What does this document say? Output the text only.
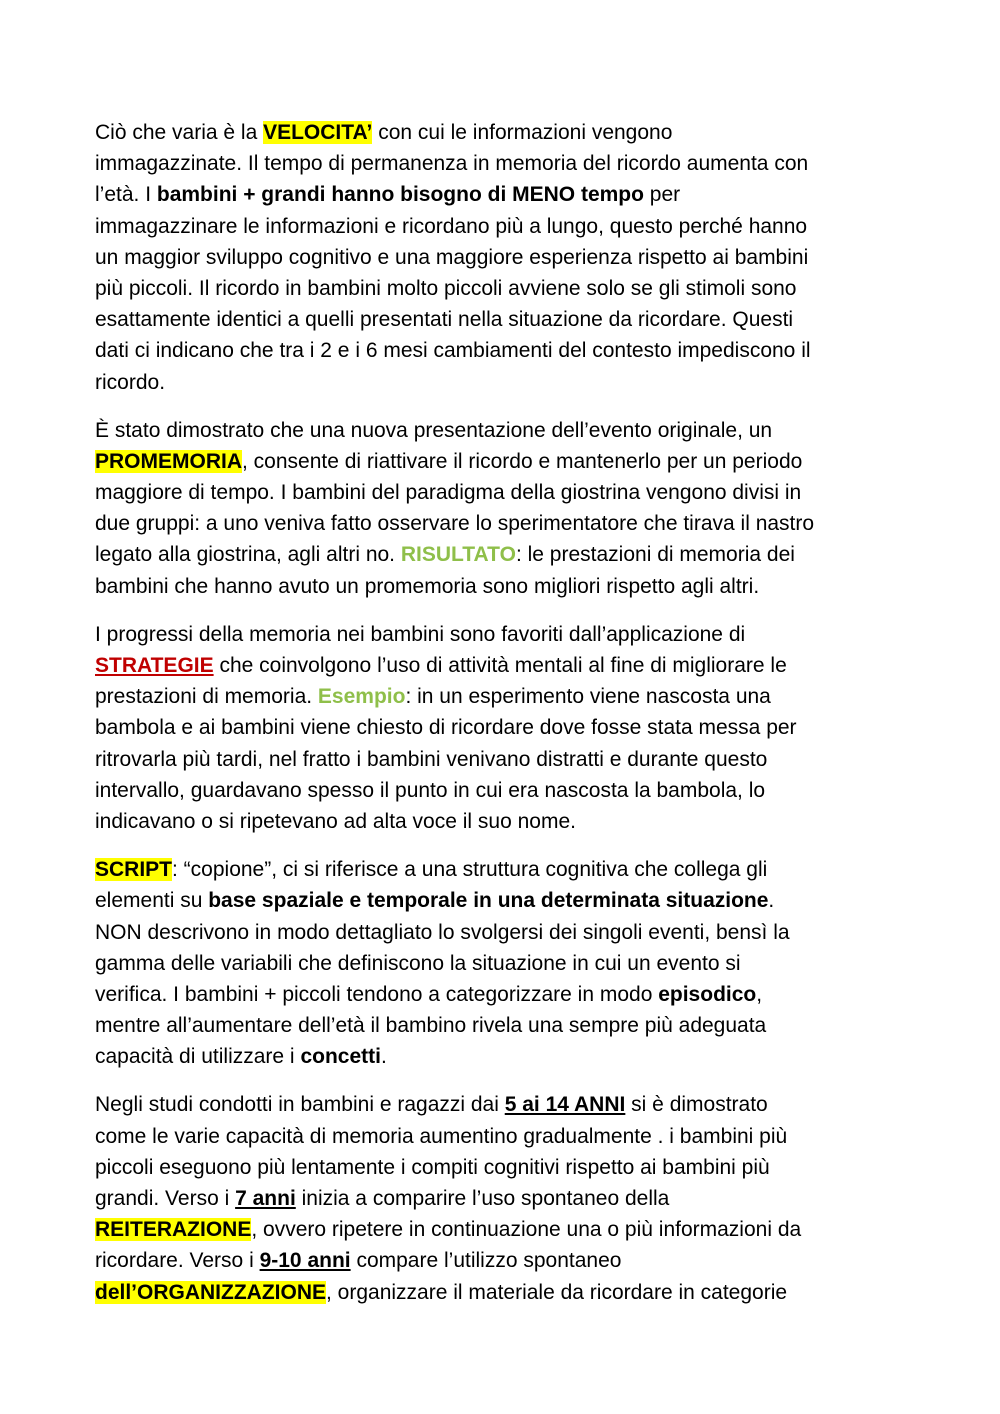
Ciò che varia è la VELOCITA’ con cui le informazioni vengono
immagazzinate. Il tempo di permanenza in memoria del ricordo aumenta con
l’età. I bambini + grandi hanno bisogno di MENO tempo per
immagazzinare le informazioni e ricordano più a lungo, questo perché hanno
un maggior sviluppo cognitivo e una maggiore esperienza rispetto ai bambini
più piccoli. Il ricordo in bambini molto piccoli avviene solo se gli stimoli sono
esattamente identici a quelli presentati nella situazione da ricordare. Questi
dati ci indicano che tra i 2 e i 6 mesi cambiamenti del contesto impediscono il
ricordo.
È stato dimostrato che una nuova presentazione dell’evento originale, un
PROMEMORIA, consente di riattivare il ricordo e mantenerlo per un periodo
maggiore di tempo. I bambini del paradigma della giostrina vengono divisi in
due gruppi: a uno veniva fatto osservare lo sperimentatore che tirava il nastro
legato alla giostrina, agli altri no. RISULTATO: le prestazioni di memoria dei
bambini che hanno avuto un promemoria sono migliori rispetto agli altri.
I progressi della memoria nei bambini sono favoriti dall’applicazione di
STRATEGIE che coinvolgono l’uso di attività mentali al fine di migliorare le
prestazioni di memoria. Esempio: in un esperimento viene nascosta una
bambola e ai bambini viene chiesto di ricordare dove fosse stata messa per
ritrovarla più tardi, nel fratto i bambini venivano distratti e durante questo
intervallo, guardavano spesso il punto in cui era nascosta la bambola, lo
indicavano o si ripetevano ad alta voce il suo nome.
SCRIPT: “copione”, ci si riferisce a una struttura cognitiva che collega gli
elementi su base spaziale e temporale in una determinata situazione.
NON descrivono in modo dettagliato lo svolgersi dei singoli eventi, bensì la
gamma delle variabili che definiscono la situazione in cui un evento si
verifica. I bambini + piccoli tendono a categorizzare in modo episodico,
mentre all’aumentare dell’età il bambino rivela una sempre più adeguata
capacità di utilizzare i concetti.
Negli studi condotti in bambini e ragazzi dai 5 ai 14 ANNI si è dimostrato
come le varie capacità di memoria aumentino gradualmente . i bambini più
piccoli eseguono più lentamente i compiti cognitivi rispetto ai bambini più
grandi. Verso i 7 anni inizia a comparire l’uso spontaneo della
REITERAZIONE, ovvero ripetere in continuazione una o più informazioni da
ricordare. Verso i 9-10 anni compare l’utilizzo spontaneo
dell’ORGANIZZAZIONE, organizzare il materiale da ricordare in categorie
